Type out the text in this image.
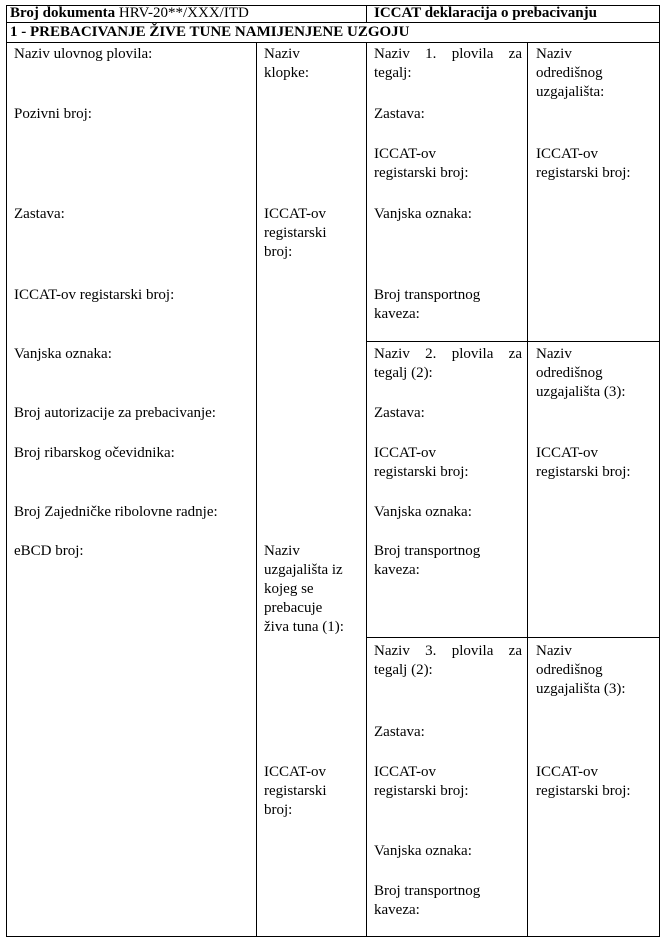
Broj dokumenta HRV-20**/XXX/ITD	ICCAT deklaracija o prebacivanju
1 - PREBACIVANJE ŽIVE TUNE NAMIJENJENE UZGOJU
Naziv ulovnog plovila:
Pozivni broj:
Zastava:
ICCAT-ov registarski broj:
Vanjska oznaka:
Broj autorizacije za prebacivanje:
Broj ribarskog očevidnika:
Broj Zajedničke ribolovne radnje:
eBCD broj:
Naziv
klopke:
ICCAT-ov
registarski
broj:
Naziv
uzgajališta iz
kojeg se
prebacuje
živa tuna (1):
ICCAT-ov
registarski
broj:
Naziv 1. plovila za
tegalj:
Zastava:
ICCAT-ov
registarski broj:
Vanjska oznaka:
Broj transportnog
kaveza:
Naziv
odredišnog
uzgajališta:
ICCAT-ov
registarski broj:
Naziv 2. plovila za
tegalj (2):
Zastava:
ICCAT-ov
registarski broj:
Vanjska oznaka:
Broj transportnog
kaveza:
Naziv
odredišnog
uzgajališta (3):
ICCAT-ov
registarski broj:
Naziv 3. plovila za
tegalj (2):
Zastava:
ICCAT-ov
registarski broj:
Vanjska oznaka:
Broj transportnog
kaveza:
Naziv
odredišnog
uzgajališta (3):
ICCAT-ov
registarski broj:
